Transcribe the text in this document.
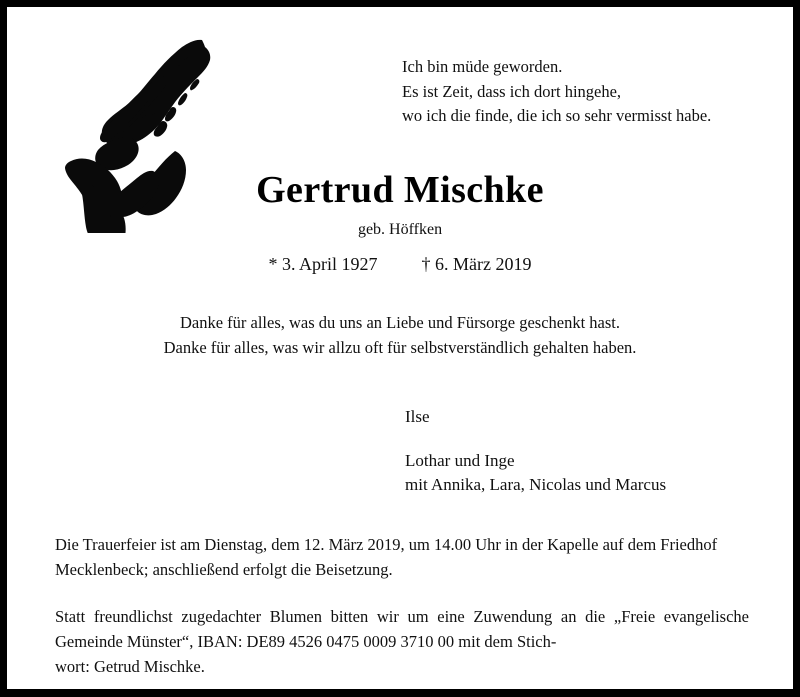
Ich bin müde geworden.
Es ist Zeit, dass ich dort hingehe,
wo ich die finde, die ich so sehr vermisst habe.
Gertrud Mischke
geb. Höffken
* 3. April 1927 † 6. März 2019
Danke für alles, was du uns an Liebe und Fürsorge geschenkt hast.
Danke für alles, was wir allzu oft für selbstverständlich gehalten haben.
Ilse
Lothar und Inge
mit Annika, Lara, Nicolas und Marcus
Die Trauerfeier ist am Dienstag, dem 12. März 2019, um 14.00 Uhr in der Kapelle auf dem Friedhof Mecklenbeck; anschließend erfolgt die Beisetzung.
Statt freundlichst zugedachter Blumen bitten wir um eine Zuwendung an die „Freie evangelische Gemeinde Münster“, IBAN: DE89 4526 0475 0009 3710 00 mit dem Stich-
wort: Getrud Mischke.
